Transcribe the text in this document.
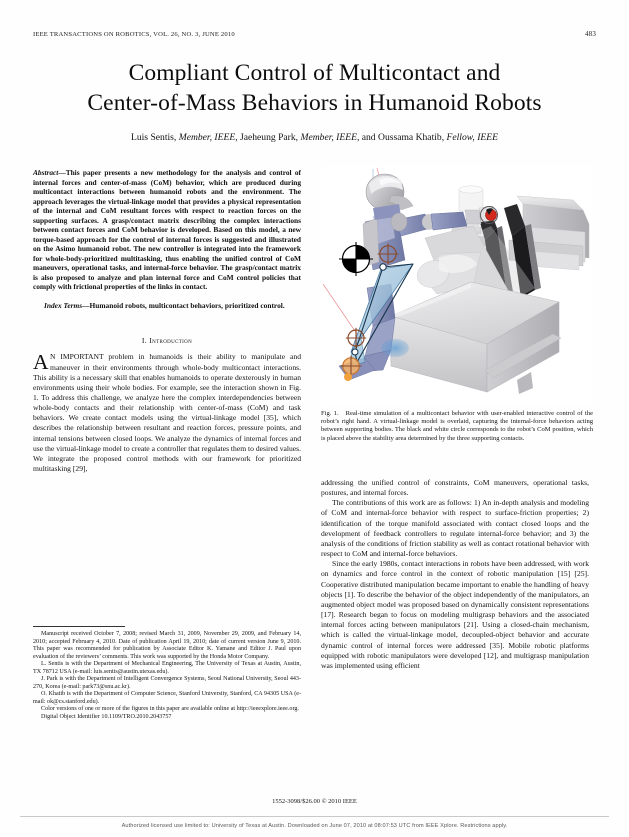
IEEE TRANSACTIONS ON ROBOTICS, VOL. 26, NO. 3, JUNE 2010	483
Compliant Control of Multicontact and
Center-of-Mass Behaviors in Humanoid Robots
Luis Sentis, Member, IEEE, Jaeheung Park, Member, IEEE, and Oussama Khatib, Fellow, IEEE
Abstract—This paper presents a new methodology for the analysis and control of internal forces and center-of-mass (CoM) behavior, which are produced during multicontact interactions between humanoid robots and the environment. The approach leverages the virtual-linkage model that provides a physical representation of the internal and CoM resultant forces with respect to reaction forces on the supporting surfaces. A grasp/contact matrix describing the complex interactions between contact forces and CoM behavior is developed. Based on this model, a new torque-based approach for the control of internal forces is suggested and illustrated on the Asimo humanoid robot. The new controller is integrated into the framework for whole-body-prioritized multitasking, thus enabling the unified control of CoM maneuvers, operational tasks, and internal-force behavior. The grasp/contact matrix is also proposed to analyze and plan internal force and CoM control policies that comply with frictional properties of the links in contact.
Index Terms—Humanoid robots, multicontact behaviors, prioritized control.
I. Introduction
A N IMPORTANT problem in humanoids is their ability to manipulate and maneuver in their environments through whole-body multicontact interactions. This ability is a necessary skill that enables humanoids to operate dexterously in human environments using their whole bodies. For example, see the interaction shown in Fig. 1. To address this challenge, we analyze here the complex interdependencies between whole-body contacts and their relationship with center-of-mass (CoM) and task behaviors. We create contact models using the virtual-linkage model [35], which describes the relationship between resultant and reaction forces, pressure points, and internal tensions between closed loops. We analyze the dynamics of internal forces and use the virtual-linkage model to create a controller that regulates them to desired values. We integrate the proposed control methods with our framework for prioritized multitasking [29],

Manuscript received October 7, 2008; revised March 31, 2009, November 29, 2009, and February 14, 2010; accepted February 4, 2010. Date of publication April 19, 2010; date of current version June 9, 2010. This paper was recommended for publication by Associate Editor K. Yamane and Editor J. Paul upon evaluation of the reviewers’ comments. This work was supported by the Honda Motor Company.

L. Sentis is with the Department of Mechanical Engineering, The University of Texas at Austin, Austin, TX 78712 USA (e-mail: luis.sentis@austin.utexas.edu).

J. Park is with the Department of Intelligent Convergence Systems, Seoul National University, Seoul 443-270, Korea (e-mail: park73@snu.ac.kr).

O. Khatib is with the Department of Computer Science, Stanford University, Stanford, CA 94305 USA (e-mail: ok@cs.stanford.edu).

Color versions of one or more of the figures in this paper are available online at http://ieeexplore.ieee.org.

Digital Object Identifier 10.1109/TRO.2010.2043757

Fig. 1. Real-time simulation of a multicontact behavior with user-enabled interactive control of the robot’s right hand. A virtual-linkage model is overlaid, capturing the internal-force behaviors acting between supporting bodies. The black and white circle corresponds to the robot’s CoM position, which is placed above the stability area determined by the three supporting contacts.

addressing the unified control of constraints, CoM maneuvers, operational tasks, postures, and internal forces.

The contributions of this work are as follows: 1) An in-depth analysis and modeling of CoM and internal-force behavior with respect to surface-friction properties; 2) identification of the torque manifold associated with contact closed loops and the development of feedback controllers to regulate internal-force behavior; and 3) the analysis of the conditions of friction stability as well as contact rotational behavior with respect to CoM and internal-force behaviors.

Since the early 1980s, contact interactions in robots have been addressed, with work on dynamics and force control in the context of robotic manipulation [15] [25]. Cooperative distributed manipulation became important to enable the handling of heavy objects [1]. To describe the behavior of the object independently of the manipulators, an augmented object model was proposed based on dynamically consistent representations [17]. Research began to focus on modeling multigrasp behaviors and the associated internal forces acting between manipulators [21]. Using a closed-chain mechanism, which is called the virtual-linkage model, decoupled-object behavior and accurate dynamic control of internal forces were addressed [35]. Mobile robotic platforms equipped with robotic manipulators were developed [12], and multigrasp manipulation was implemented using efficient

1552-3098/$26.00 © 2010 IEEE
Authorized licensed use limited to: University of Texas at Austin. Downloaded on June 07, 2010 at 08:07:53 UTC from IEEE Xplore. Restrictions apply.
